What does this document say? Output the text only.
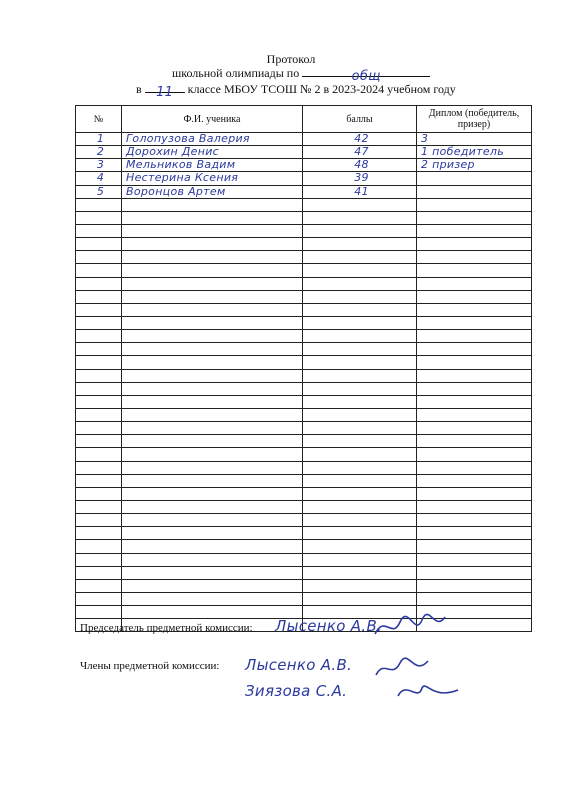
Протокол
школьной олимпиады по	общ
в	11	классе МБОУ ТСОШ № 2 в 2023-2024 учебном году
№	Ф.И. ученика	баллы	Диплом (победитель, призер)

1	Голопузова Валерия	42	3

2	Дорохин Денис	47	1 победитель

3	Мельников Вадим	48	2 призер

4	Нестерина Ксения	39	

5	Воронцов Артем	41	

Председатель предметной комиссии: Лысенко А.В.
Члены предметной комиссии: Лысенко А.В.
Зиязова С.А.
